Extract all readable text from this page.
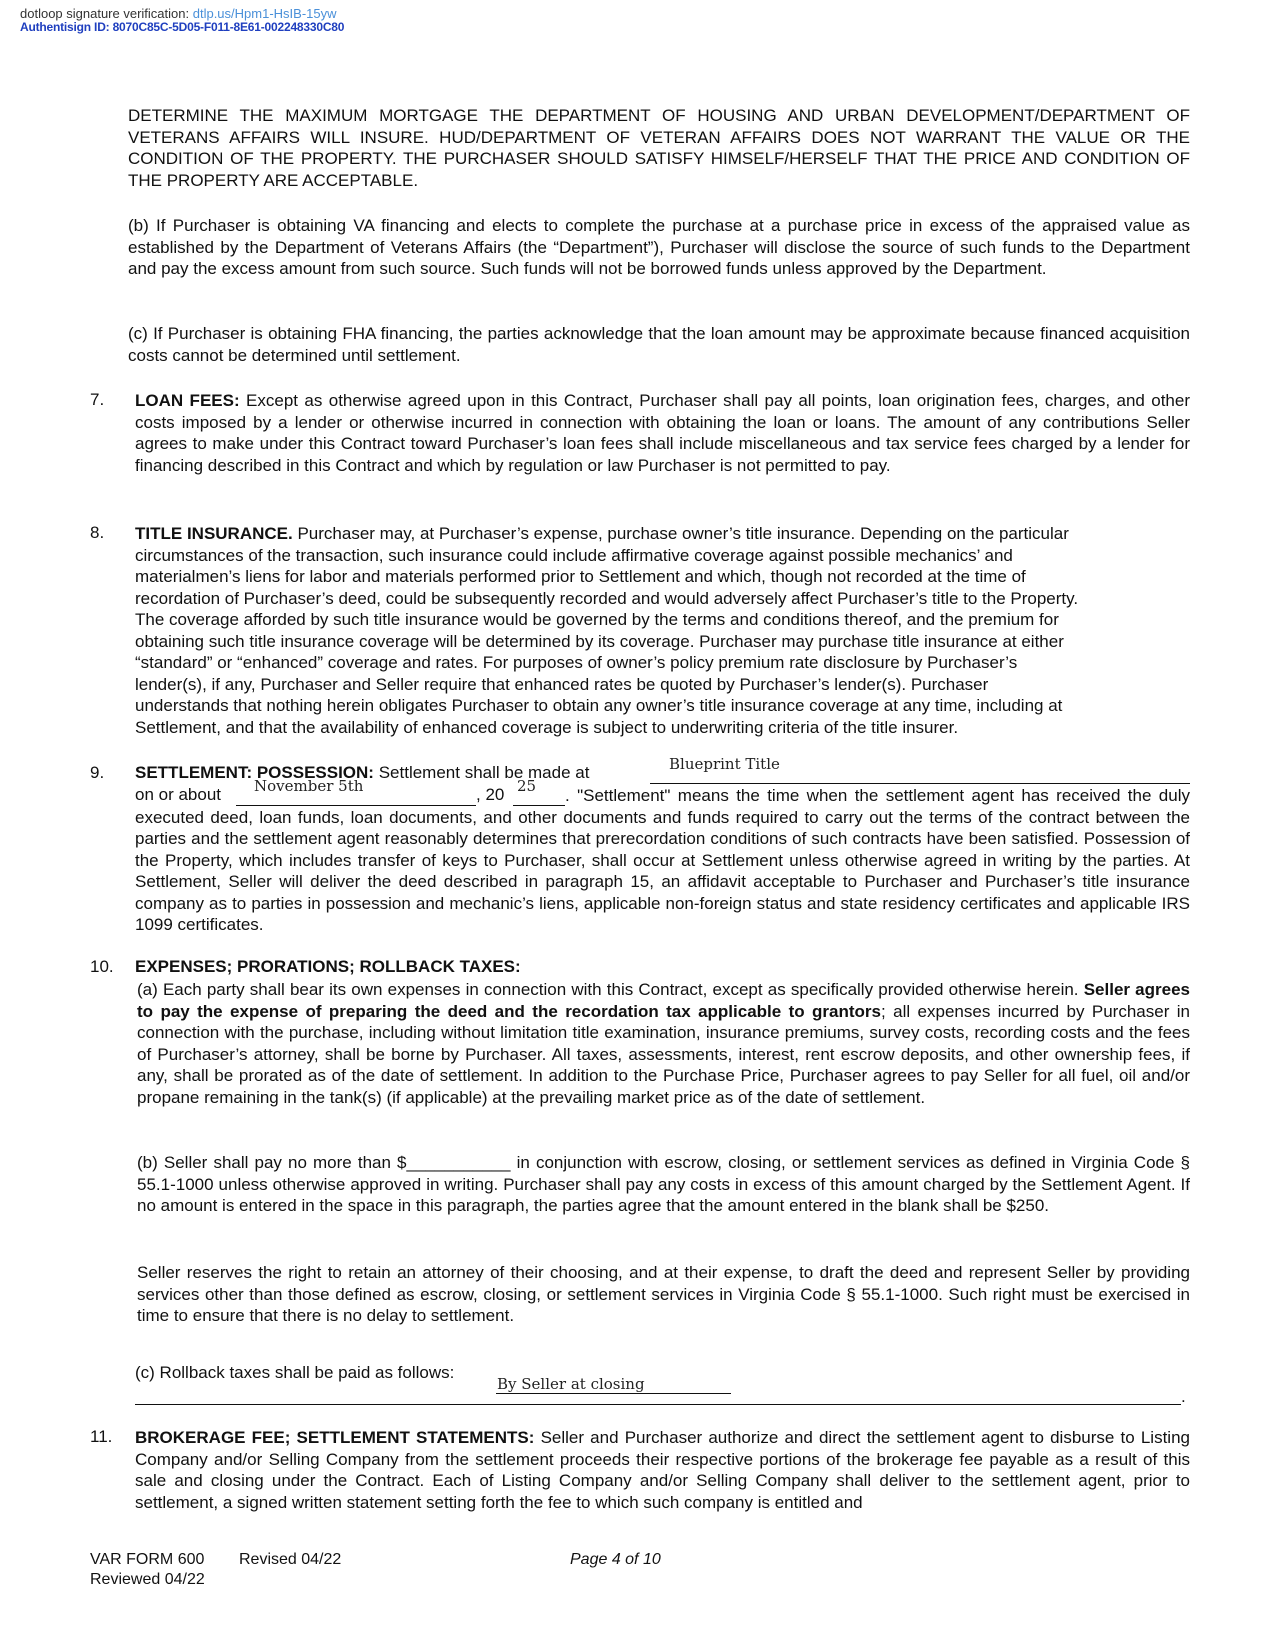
dotloop signature verification: dtlp.us/Hpm1-HsIB-15yw
Authentisign ID: 8070C85C-5D05-F011-8E61-002248330C80
DETERMINE THE MAXIMUM MORTGAGE THE DEPARTMENT OF HOUSING AND URBAN DEVELOPMENT/DEPARTMENT OF VETERANS AFFAIRS WILL INSURE. HUD/DEPARTMENT OF VETERAN AFFAIRS DOES NOT WARRANT THE VALUE OR THE CONDITION OF THE PROPERTY. THE PURCHASER SHOULD SATISFY HIMSELF/HERSELF THAT THE PRICE AND CONDITION OF THE PROPERTY ARE ACCEPTABLE.
(b) If Purchaser is obtaining VA financing and elects to complete the purchase at a purchase price in excess of the appraised value as established by the Department of Veterans Affairs (the “Department”), Purchaser will disclose the source of such funds to the Department and pay the excess amount from such source. Such funds will not be borrowed funds unless approved by the Department.
(c) If Purchaser is obtaining FHA financing, the parties acknowledge that the loan amount may be approximate because financed acquisition costs cannot be determined until settlement.
7. LOAN FEES: Except as otherwise agreed upon in this Contract, Purchaser shall pay all points, loan origination fees, charges, and other costs imposed by a lender or otherwise incurred in connection with obtaining the loan or loans. The amount of any contributions Seller agrees to make under this Contract toward Purchaser’s loan fees shall include miscellaneous and tax service fees charged by a lender for financing described in this Contract and which by regulation or law Purchaser is not permitted to pay.
8. TITLE INSURANCE. Purchaser may, at Purchaser’s expense, purchase owner’s title insurance. Depending on the particular
circumstances of the transaction, such insurance could include affirmative coverage against possible mechanics’ and
materialmen’s liens for labor and materials performed prior to Settlement and which, though not recorded at the time of
recordation of Purchaser’s deed, could be subsequently recorded and would adversely affect Purchaser’s title to the Property.
The coverage afforded by such title insurance would be governed by the terms and conditions thereof, and the premium for
obtaining such title insurance coverage will be determined by its coverage. Purchaser may purchase title insurance at either
“standard” or “enhanced” coverage and rates. For purposes of owner’s policy premium rate disclosure by Purchaser’s
lender(s), if any, Purchaser and Seller require that enhanced rates be quoted by Purchaser’s lender(s). Purchaser
understands that nothing herein obligates Purchaser to obtain any owner’s title insurance coverage at any time, including at
Settlement, and that the availability of enhanced coverage is subject to underwriting criteria of the title insurer.
9. SETTLEMENT: POSSESSION: Settlement shall be made at	Blueprint Title
on or about November 5th	, 20 25	. "Settlement" means the time when the settlement agent has received the duly executed deed, loan funds, loan documents, and other documents and funds required to carry out the terms of the contract between the parties and the settlement agent reasonably determines that prerecordation conditions of such contracts have been satisfied. Possession of the Property, which includes transfer of keys to Purchaser, shall occur at Settlement unless otherwise agreed in writing by the parties. At Settlement, Seller will deliver the deed described in paragraph 15, an affidavit acceptable to Purchaser and Purchaser’s title insurance company as to parties in possession and mechanic’s liens, applicable non-foreign status and state residency certificates and applicable IRS 1099 certificates.
10. EXPENSES; PRORATIONS; ROLLBACK TAXES:
(a) Each party shall bear its own expenses in connection with this Contract, except as specifically provided otherwise herein. Seller agrees to pay the expense of preparing the deed and the recordation tax applicable to grantors; all expenses incurred by Purchaser in connection with the purchase, including without limitation title examination, insurance premiums, survey costs, recording costs and the fees of Purchaser’s attorney, shall be borne by Purchaser. All taxes, assessments, interest, rent escrow deposits, and other ownership fees, if any, shall be prorated as of the date of settlement. In addition to the Purchase Price, Purchaser agrees to pay Seller for all fuel, oil and/or propane remaining in the tank(s) (if applicable) at the prevailing market price as of the date of settlement.
(b) Seller shall pay no more than $___________ in conjunction with escrow, closing, or settlement services as defined in Virginia Code § 55.1-1000 unless otherwise approved in writing. Purchaser shall pay any costs in excess of this amount charged by the Settlement Agent. If no amount is entered in the space in this paragraph, the parties agree that the amount entered in the blank shall be $250.
Seller reserves the right to retain an attorney of their choosing, and at their expense, to draft the deed and represent Seller by providing services other than those defined as escrow, closing, or settlement services in Virginia Code § 55.1-1000. Such right must be exercised in time to ensure that there is no delay to settlement.
(c) Rollback taxes shall be paid as follows:
By Seller at closing
.
11. BROKERAGE FEE; SETTLEMENT STATEMENTS: Seller and Purchaser authorize and direct the settlement agent to disburse to Listing Company and/or Selling Company from the settlement proceeds their respective portions of the brokerage fee payable as a result of this sale and closing under the Contract. Each of Listing Company and/or Selling Company shall deliver to the settlement agent, prior to settlement, a signed written statement setting forth the fee to which such company is entitled and
VAR FORM 600 Revised 04/22
Reviewed 04/22
Page 4 of 10
